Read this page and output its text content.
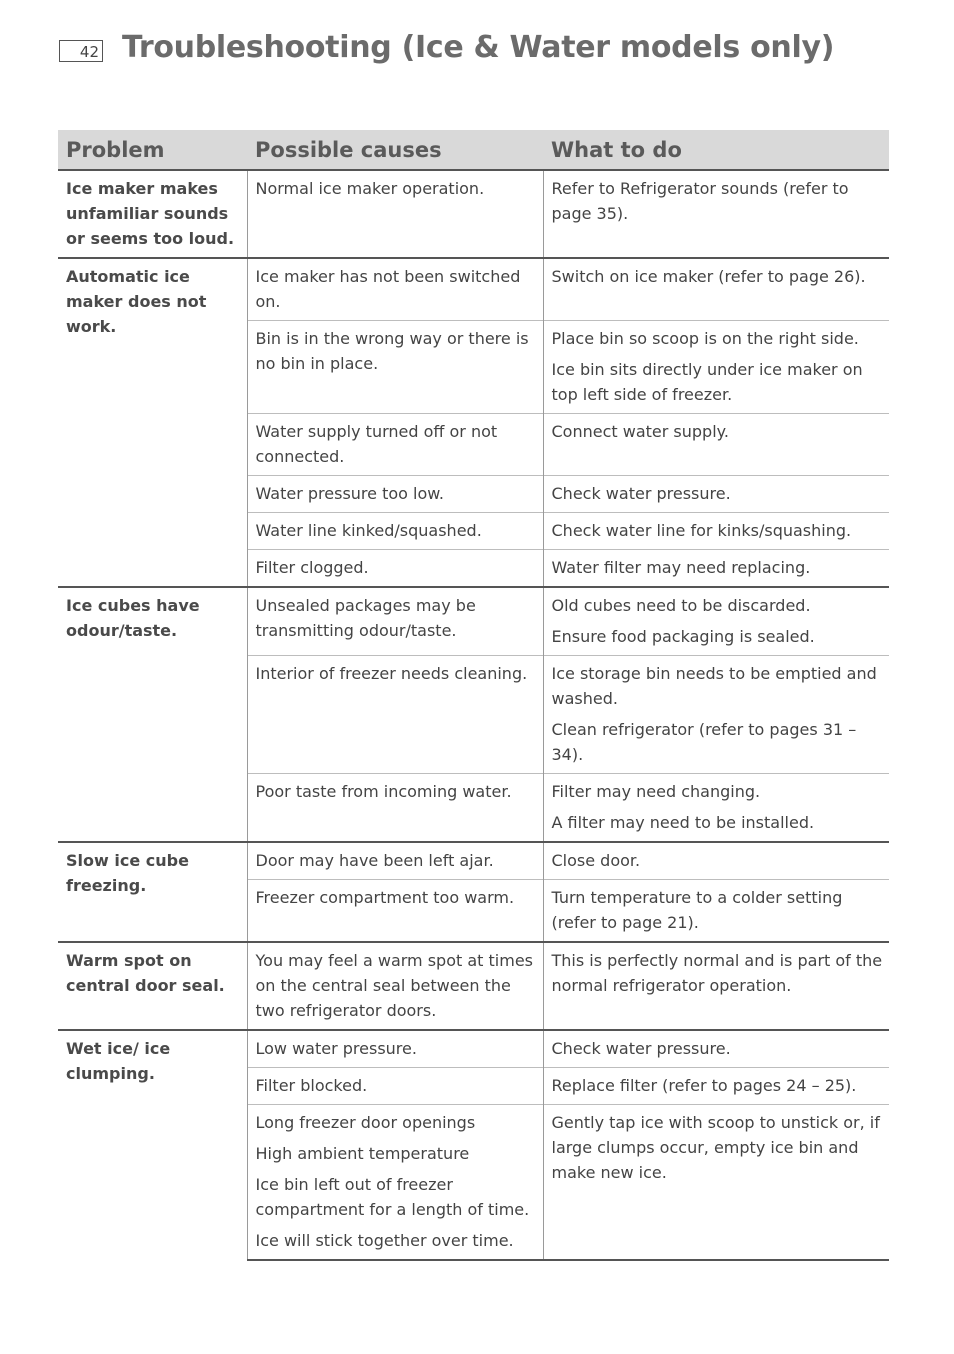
42 Troubleshooting (Ice & Water models only)
Problem	Possible causes	What to do
Ice maker makes unfamiliar sounds or seems too loud.	Normal ice maker operation.	Refer to Refrigerator sounds (refer to page 35).

Automatic ice maker does not work.	Ice maker has not been switched on.	Switch on ice maker (refer to page 26).

	Bin is in the wrong way or there is no bin in place.	Place bin so scoop is on the right side.
Ice bin sits directly under ice maker on top left side of freezer.

	Water supply turned off or not connected.	Connect water supply.

	Water pressure too low.	Check water pressure.

	Water line kinked/squashed.	Check water line for kinks/squashing.

	Filter clogged.	Water filter may need replacing.

Ice cubes have odour/taste.	Unsealed packages may be transmitting odour/taste.	Old cubes need to be discarded.
Ensure food packaging is sealed.

	Interior of freezer needs cleaning.	Ice storage bin needs to be emptied and washed.
Clean refrigerator (refer to pages 31 – 34).

	Poor taste from incoming water.	Filter may need changing.
A filter may need to be installed.

Slow ice cube freezing.	Door may have been left ajar.	Close door.

	Freezer compartment too warm.	Turn temperature to a colder setting (refer to page 21).

Warm spot on central door seal.	You may feel a warm spot at times on the central seal between the two refrigerator doors.	This is perfectly normal and is part of the normal refrigerator operation.

Wet ice/ ice clumping.	Low water pressure.	Check water pressure.

	Filter blocked.	Replace filter (refer to pages 24 – 25).

	Long freezer door openings
High ambient temperature
Ice bin left out of freezer compartment for a length of time.
Ice will stick together over time.	Gently tap ice with scoop to unstick or, if large clumps occur, empty ice bin and make new ice.
